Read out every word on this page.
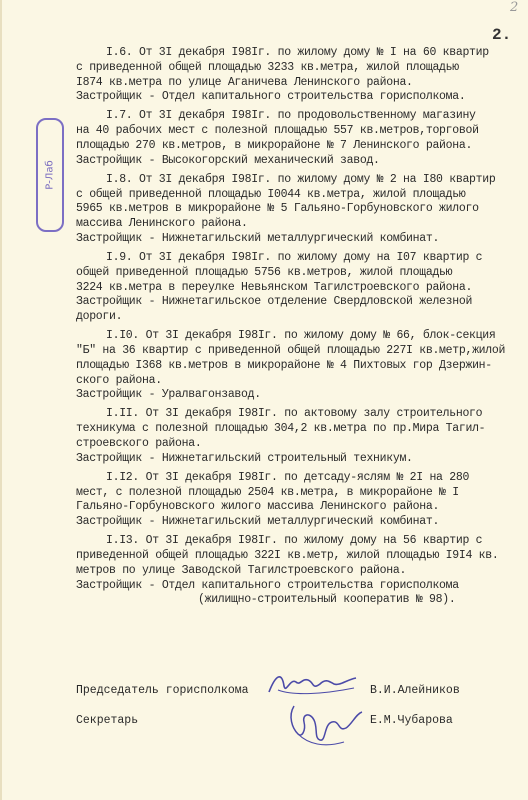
2
2.
Р-Лаб
I.6. От 3I декабря I98Iг. по жилому дому № I на 60 квартир
с приведенной общей площадью 3233 кв.метра, жилой площадью
I874 кв.метра по улице Аганичева Ленинского района.
Застройщик - Отдел капитального строительства горисполкома.
I.7. От 3I декабря I98Iг. по продовольственному магазину
на 40 рабочих мест с полезной площадью 557 кв.метров,торговой
площадью 270 кв.метров, в микрорайоне № 7 Ленинского района.
Застройщик - Высокогорский механический завод.
I.8. От 3I декабря I98Iг. по жилому дому № 2 на I80 квартир
с общей приведенной площадью I0044 кв.метра, жилой площадью
5965 кв.метров в микрорайоне № 5 Гальяно-Горбуновского жилого
массива Ленинского района.
Застройщик - Нижнетагильский металлургический комбинат.
I.9. От 3I декабря I98Iг. по жилому дому на I07 квартир с
общей приведенной площадью 5756 кв.метров, жилой площадью
3224 кв.метра в переулке Невьянском Тагилстроевского района.
Застройщик - Нижнетагильское отделение Свердловской железной
дороги.
I.I0. От 3I декабря I98Iг. по жилому дому № 66, блок-секция
"Б" на 36 квартир с приведенной общей площадью 227I кв.метр,жилой
площадью I368 кв.метров в микрорайоне № 4 Пихтовых гор Дзержин-
ского района.
Застройщик - Уралвагонзавод.
I.II. От 3I декабря I98Iг. по актовому залу строительного
техникума с полезной площадью 304,2 кв.метра по пр.Мира Тагил-
строевского района.
Застройщик - Нижнетагильский строительный техникум.
I.I2. От 3I декабря I98Iг. по детсаду-яслям № 2I на 280
мест, с полезной площадью 2504 кв.метра, в микрорайоне № I
Гальяно-Горбуновского жилого массива Ленинского района.
Застройщик - Нижнетагильский металлургический комбинат.
I.I3. От 3I декабря I98Iг. по жилому дому на 56 квартир с
приведенной общей площадью 322I кв.метр, жилой площадью I9I4 кв.
метров по улице Заводской Тагилстроевского района.
Застройщик - Отдел капитального строительства горисполкома
(жилищно-строительный кооператив № 98).
Председатель горисполкома	В.И.Алейников
Секретарь	Е.М.Чубарова
